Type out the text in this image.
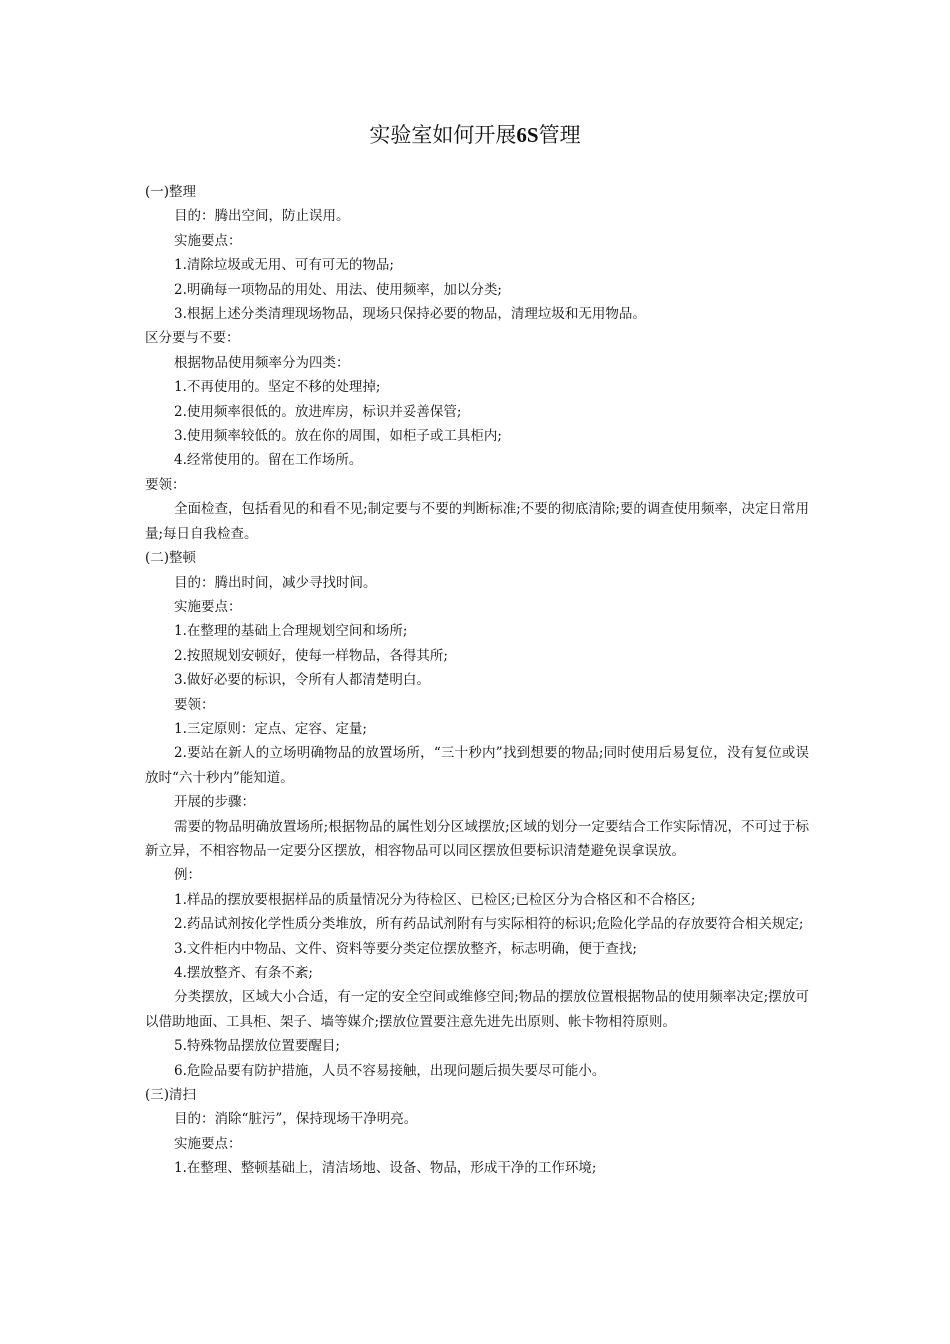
实验室如何开展6S管理

(一)整理

目的：腾出空间，防止误用。

实施要点：

1.清除垃圾或无用、可有可无的物品;

2.明确每一项物品的用处、用法、使用频率，加以分类;

3.根据上述分类清理现场物品，现场只保持必要的物品，清理垃圾和无用物品。

区分要与不要：

根据物品使用频率分为四类：

1.不再使用的。坚定不移的处理掉;

2.使用频率很低的。放进库房，标识并妥善保管;

3.使用频率较低的。放在你的周围，如柜子或工具柜内;

4.经常使用的。留在工作场所。

要领：

全面检查，包括看见的和看不见;制定要与不要的判断标准;不要的彻底清除;要的调查使用频率，决定日常用量;每日自我检查。

(二)整顿

目的：腾出时间，减少寻找时间。

实施要点：

1.在整理的基础上合理规划空间和场所;

2.按照规划安顿好，使每一样物品，各得其所;

3.做好必要的标识，令所有人都清楚明白。

要领：

1.三定原则：定点、定容、定量;

2.要站在新人的立场明确物品的放置场所，“三十秒内”找到想要的物品;同时使用后易复位，没有复位或误放时“六十秒内”能知道。

开展的步骤：

需要的物品明确放置场所;根据物品的属性划分区域摆放;区域的划分一定要结合工作实际情况，不可过于标新立异，不相容物品一定要分区摆放，相容物品可以同区摆放但要标识清楚避免误拿误放。

例：

1.样品的摆放要根据样品的质量情况分为待检区、已检区;已检区分为合格区和不合格区;

2.药品试剂按化学性质分类堆放，所有药品试剂附有与实际相符的标识;危险化学品的存放要符合相关规定;

3.文件柜内中物品、文件、资料等要分类定位摆放整齐，标志明确，便于查找;

4.摆放整齐、有条不紊;

分类摆放，区域大小合适，有一定的安全空间或维修空间;物品的摆放位置根据物品的使用频率决定;摆放可以借助地面、工具柜、架子、墙等媒介;摆放位置要注意先进先出原则、帐卡物相符原则。

5.特殊物品摆放位置要醒目;

6.危险品要有防护措施，人员不容易接触，出现问题后损失要尽可能小。

(三)清扫

目的：消除“脏污”，保持现场干净明亮。

实施要点：

1.在整理、整顿基础上，清洁场地、设备、物品，形成干净的工作环境;
